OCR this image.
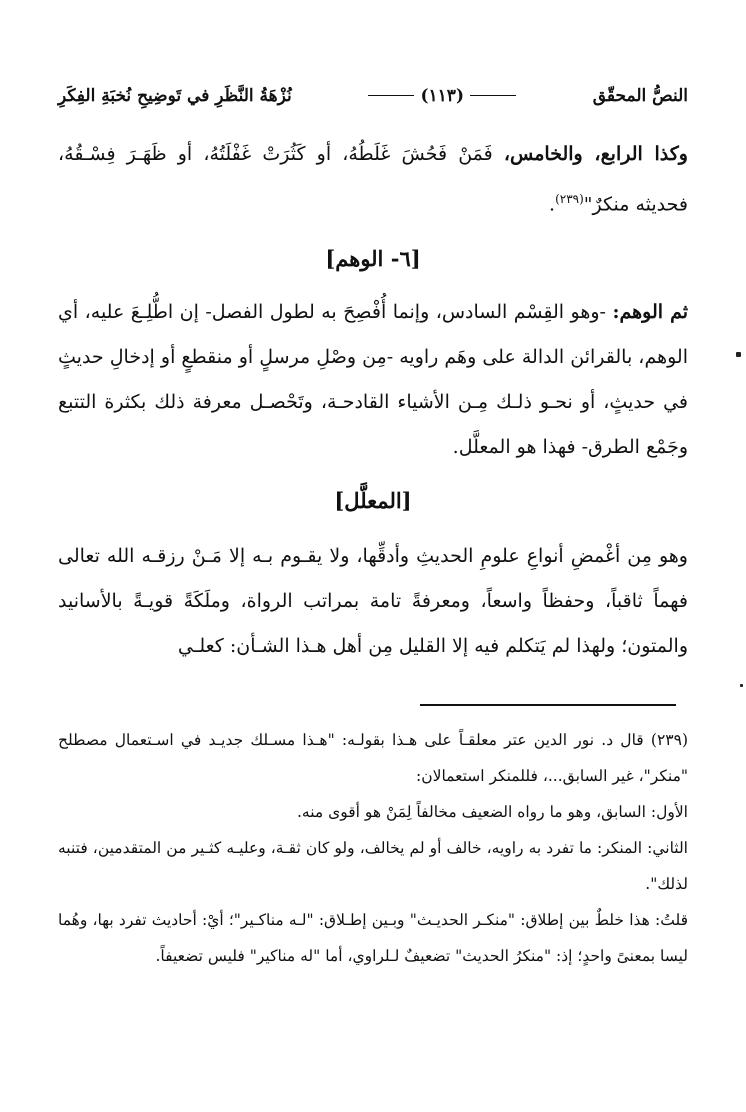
النصُّ المحقّق
(١١٣)
نُزْهَةُ النَّظَرِ في تَوضِيحِ نُخبَةِ الفِكَرِ

وكذا الرابع، والخامس، فَمَنْ فَحُشَ غَلَطُهُ، أو كَثُرَتْ غَفْلَتُهُ، أو ظَهَـرَ فِسْـقُهُ، فحديثه منكرٌ"$^{(٢٣٩)}$.

[٦- الوهم]

ثم الوهم: -وهو القِسْم السادس، وإنما أُفْصِحَ به لطول الفصل- إن اطُّلِـعَ عليه، أي الوهم، بالقرائن الدالة على وهَم راويه -مِن وصْلِ مرسلٍ أو منقطعٍ أو إدخالِ حديثٍ في حديثٍ، أو نحـو ذلـك مِـن الأشياء القادحـة، وتَحْصـل معرفة ذلك بكثرة التتبع وجَمْع الطرق- فهذا هو المعلَّل.

[المعلَّل]

وهو مِن أغْمضِ أنواعِ علومِ الحديثِ وأدقِّها، ولا يقـوم بـه إلا مَـنْ رزقـه الله تعالى فهماً ثاقباً، وحفظاً واسعاً، ومعرفةً تامة بمراتب الرواة، وملَكَةً قويـةً بالأسانيد والمتون؛ ولهذا لم يَتكلم فيه إلا القليل مِن أهل هـذا الشـأن: كعلـي

(٢٣٩) قال د. نور الدين عتر معلقـاً على هـذا بقولـه: "هـذا مسـلك جديـد في اسـتعمال مصطلح "منكر"، غير السابق...، فللمنكر استعمالان:

الأول: السابق، وهو ما رواه الضعيف مخالفاً لِمَنْ هو أقوى منه.

الثاني: المنكر: ما تفرد به راويه، خالف أو لم يخالف، ولو كان ثقـة، وعليـه كثـير من المتقدمين، فتنبه لذلك".

قلتُ: هذا خلطٌ بين إطلاق: "منكـر الحديـث" وبـين إطـلاق: "لـه مناكـير"؛ أيْ: أحاديث تفرد بها، وهُما ليسا بمعنىً واحدٍ؛ إذ: "منكرُ الحديث" تضعيفٌ لـلراوي، أما "له مناكير" فليس تضعيفاً.
